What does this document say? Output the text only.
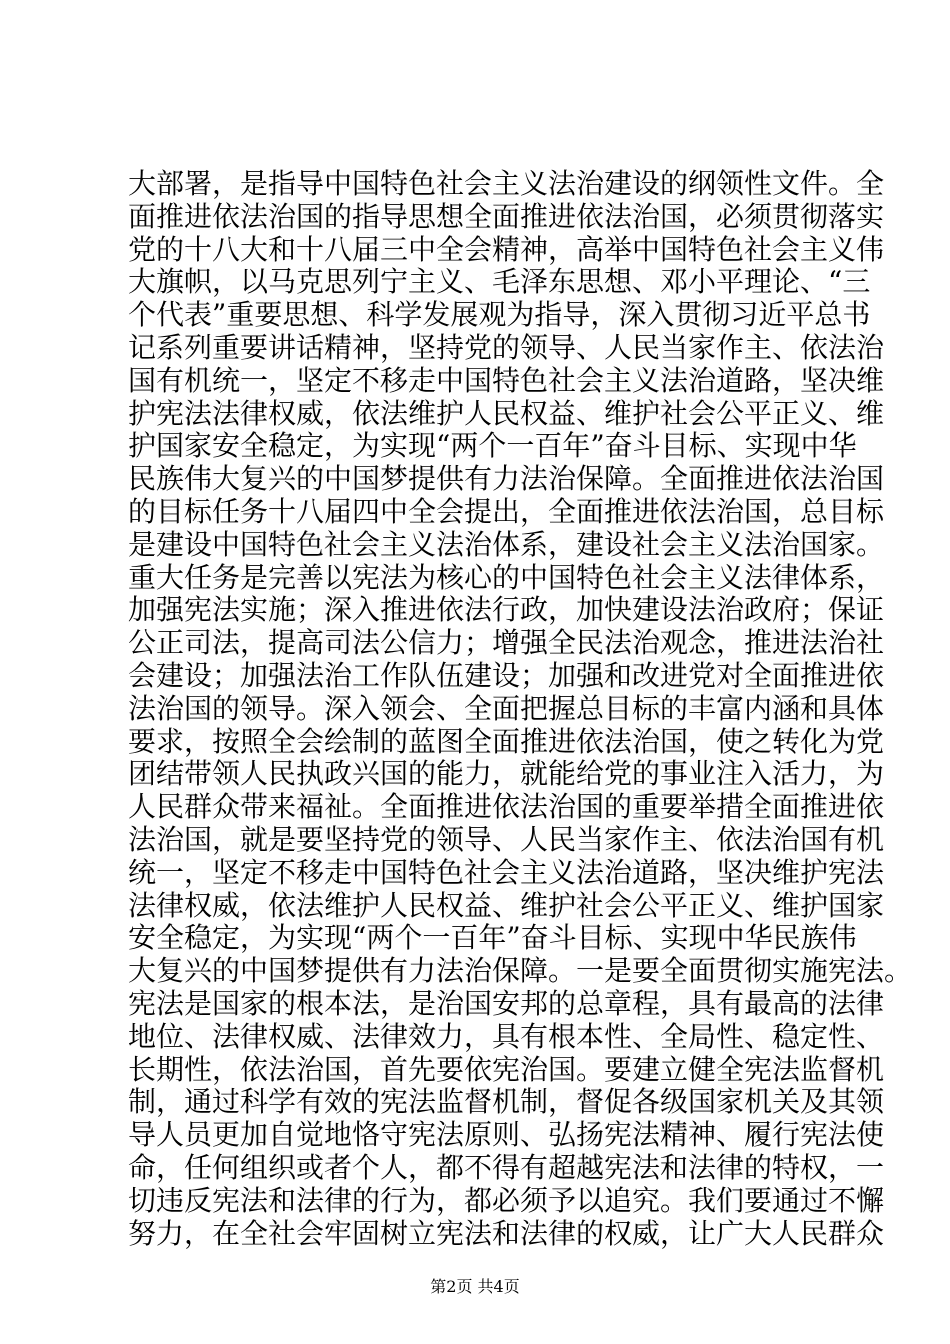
大部署，是指导中国特色社会主义法治建设的纲领性文件。全
面推进依法治国的指导思想全面推进依法治国，必须贯彻落实
党的十八大和十八届三中全会精神，高举中国特色社会主义伟
大旗帜，以马克思列宁主义、毛泽东思想、邓小平理论、“三
个代表”重要思想、科学发展观为指导，深入贯彻习近平总书
记系列重要讲话精神，坚持党的领导、人民当家作主、依法治
国有机统一，坚定不移走中国特色社会主义法治道路，坚决维
护宪法法律权威，依法维护人民权益、维护社会公平正义、维
护国家安全稳定，为实现“两个一百年”奋斗目标、实现中华
民族伟大复兴的中国梦提供有力法治保障。全面推进依法治国
的目标任务十八届四中全会提出，全面推进依法治国，总目标
是建设中国特色社会主义法治体系，建设社会主义法治国家。
重大任务是完善以宪法为核心的中国特色社会主义法律体系，
加强宪法实施；深入推进依法行政，加快建设法治政府；保证
公正司法，提高司法公信力；增强全民法治观念，推进法治社
会建设；加强法治工作队伍建设；加强和改进党对全面推进依
法治国的领导。深入领会、全面把握总目标的丰富内涵和具体
要求，按照全会绘制的蓝图全面推进依法治国，使之转化为党
团结带领人民执政兴国的能力，就能给党的事业注入活力，为
人民群众带来福祉。全面推进依法治国的重要举措全面推进依
法治国，就是要坚持党的领导、人民当家作主、依法治国有机
统一，坚定不移走中国特色社会主义法治道路，坚决维护宪法
法律权威，依法维护人民权益、维护社会公平正义、维护国家
安全稳定，为实现“两个一百年”奋斗目标、实现中华民族伟
大复兴的中国梦提供有力法治保障。一是要全面贯彻实施宪法。
宪法是国家的根本法，是治国安邦的总章程，具有最高的法律
地位、法律权威、法律效力，具有根本性、全局性、稳定性、
长期性，依法治国，首先要依宪治国。要建立健全宪法监督机
制，通过科学有效的宪法监督机制，督促各级国家机关及其领
导人员更加自觉地恪守宪法原则、弘扬宪法精神、履行宪法使
命，任何组织或者个人，都不得有超越宪法和法律的特权，一
切违反宪法和法律的行为，都必须予以追究。我们要通过不懈
努力，在全社会牢固树立宪法和法律的权威，让广大人民群众
第2页 共4页
